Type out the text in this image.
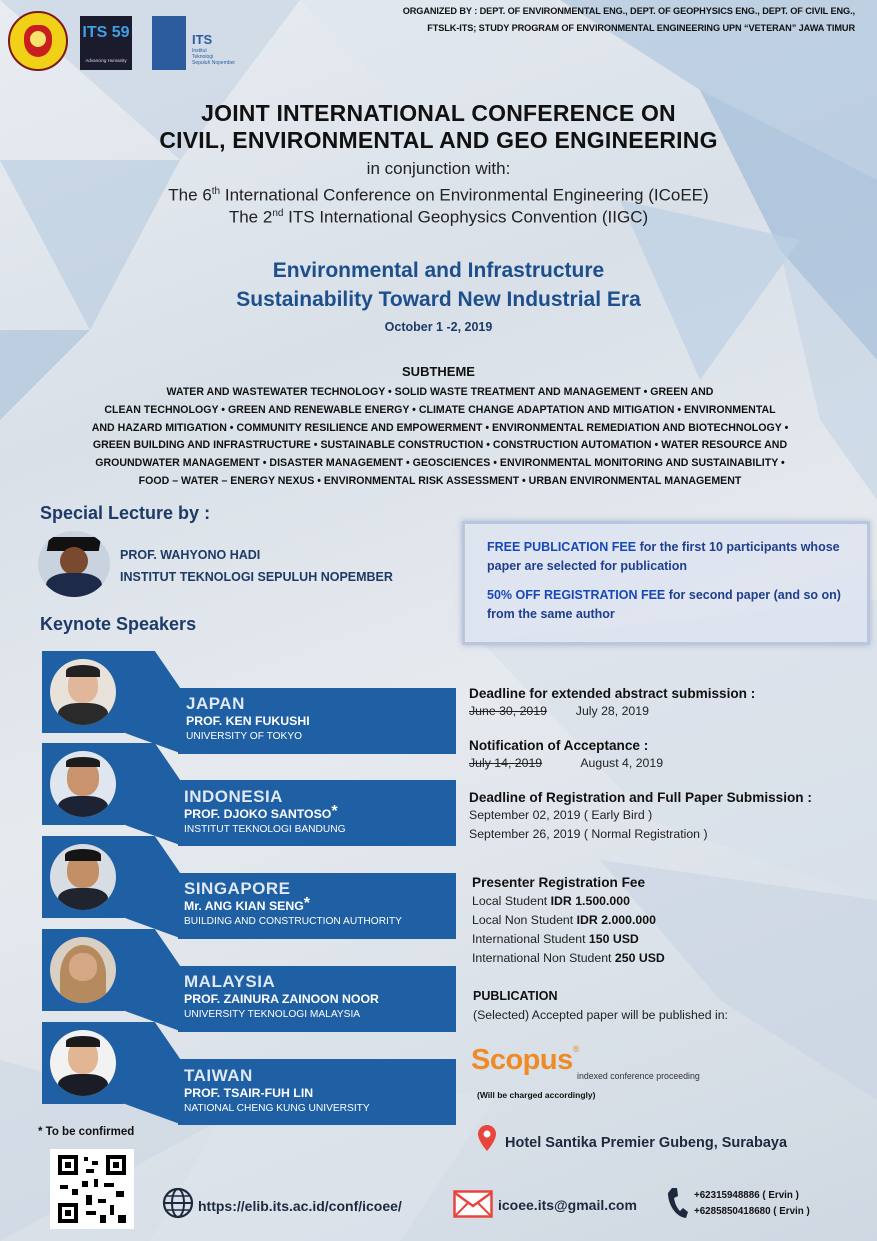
ORGANIZED BY : DEPT. OF ENVIRONMENTAL ENG., DEPT. OF GEOPHYSICS ENG., DEPT. OF CIVIL ENG.,
FTSLK-ITS; STUDY PROGRAM OF ENVIRONMENTAL ENGINEERING UPN “VETERAN” JAWA TIMUR
ITS 59
Advancing Humanity
ITS
Institut
Teknologi
Sepuluh Nopember
JOINT INTERNATIONAL CONFERENCE ON
CIVIL, ENVIRONMENTAL AND GEO ENGINEERING
in conjunction with:
The 6th International Conference on Environmental Engineering (ICoEE)
The 2nd ITS International Geophysics Convention (IIGC)
Environmental and Infrastructure
Sustainability Toward New Industrial Era
October 1 -2, 2019
SUBTHEME
WATER AND WASTEWATER TECHNOLOGY • SOLID WASTE TREATMENT AND MANAGEMENT • GREEN AND
CLEAN TECHNOLOGY • GREEN AND RENEWABLE ENERGY • CLIMATE CHANGE ADAPTATION AND MITIGATION • ENVIRONMENTAL
AND HAZARD MITIGATION • COMMUNITY RESILIENCE AND EMPOWERMENT • ENVIRONMENTAL REMEDIATION AND BIOTECHNOLOGY •
GREEN BUILDING AND INFRASTRUCTURE • SUSTAINABLE CONSTRUCTION • CONSTRUCTION AUTOMATION • WATER RESOURCE AND
GROUNDWATER MANAGEMENT • DISASTER MANAGEMENT • GEOSCIENCES • ENVIRONMENTAL MONITORING AND SUSTAINABILITY •
FOOD – WATER – ENERGY NEXUS • ENVIRONMENTAL RISK ASSESSMENT • URBAN ENVIRONMENTAL MANAGEMENT
Special Lecture by :
PROF. WAHYONO HADI
INSTITUT TEKNOLOGI SEPULUH NOPEMBER
FREE PUBLICATION FEE for the first 10 participants whose paper are selected for publication
50% OFF REGISTRATION FEE for second paper (and so on) from the same author
Keynote Speakers
JAPAN
PROF. KEN FUKUSHI
UNIVERSITY OF TOKYO
INDONESIA
PROF. DJOKO SANTOSO*
INSTITUT TEKNOLOGI BANDUNG
SINGAPORE
Mr. ANG KIAN SENG*
BUILDING AND CONSTRUCTION AUTHORITY
MALAYSIA
PROF. ZAINURA ZAINOON NOOR
UNIVERSITY TEKNOLOGI MALAYSIA
TAIWAN
PROF. TSAIR-FUH LIN
NATIONAL CHENG KUNG UNIVERSITY
Deadline for extended abstract submission :
June 30, 2019 July 28, 2019
Notification of Acceptance :
July 14, 2019	August 4, 2019
Deadline of Registration and Full Paper Submission :
September 02, 2019 ( Early Bird )
September 26, 2019 ( Normal Registration )
Presenter Registration Fee
Local Student IDR 1.500.000
Local Non Student IDR 2.000.000
International Student 150 USD
International Non Student 250 USD
PUBLICATION
(Selected) Accepted paper will be published in:
Scopus®
indexed conference proceeding
(Will be charged accordingly)
* To be confirmed
Hotel Santika Premier Gubeng, Surabaya
https://elib.its.ac.id/conf/icoee/	icoee.its@gmail.com
+62315948886 ( Ervin )
+6285850418680 ( Ervin )
